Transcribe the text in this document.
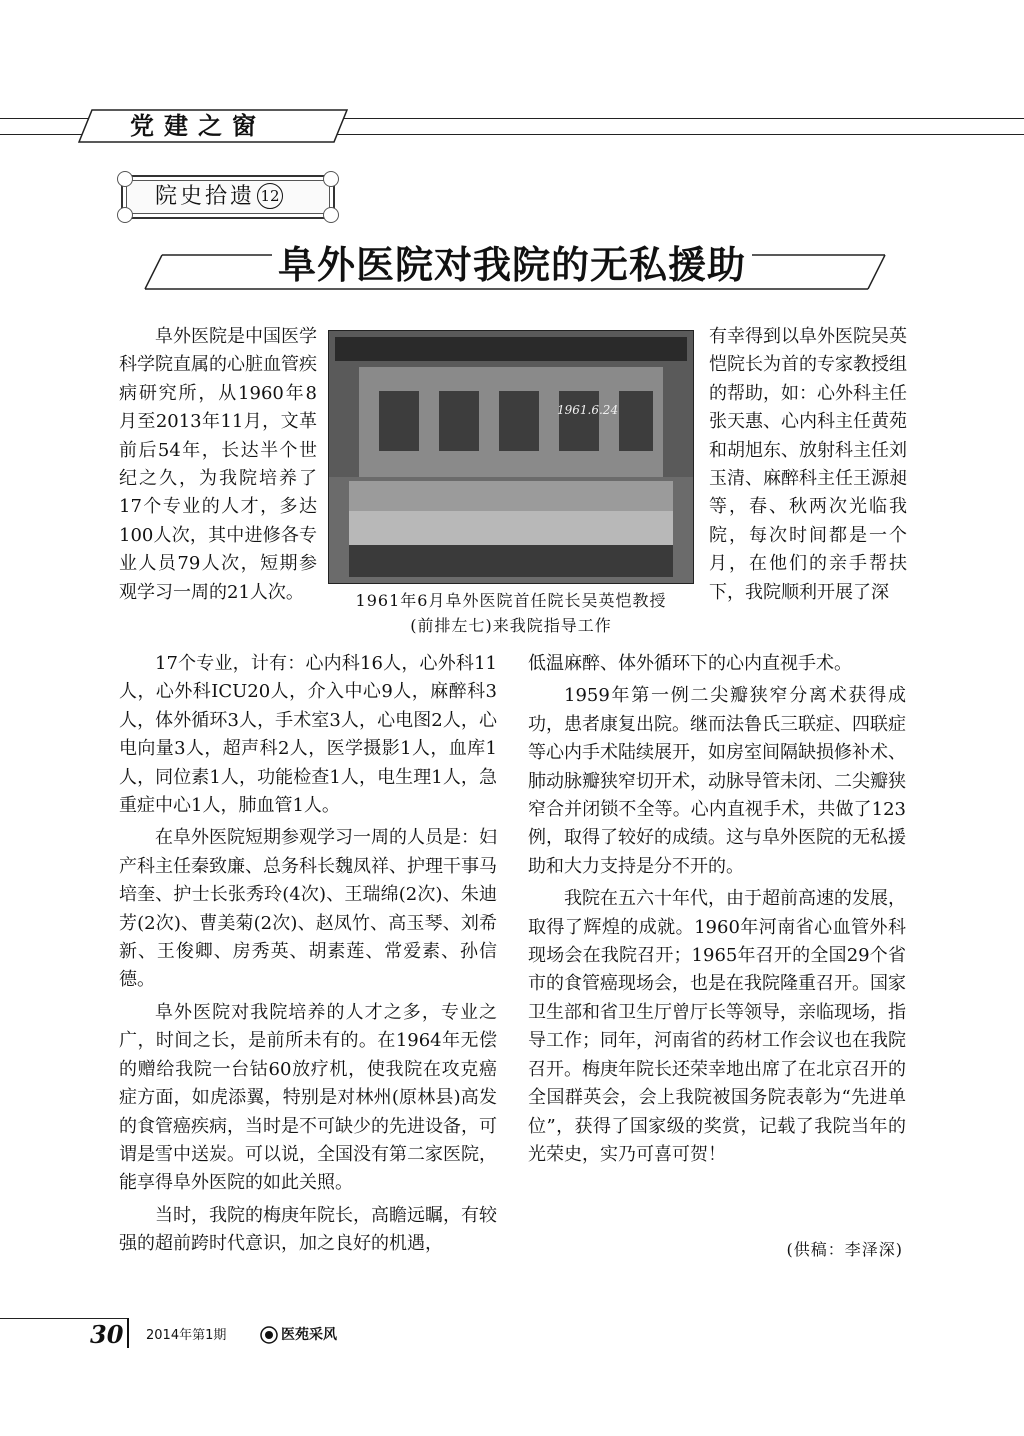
党建之窗
院史拾遗 12
阜外医院对我院的无私援助
1961.6.24
1961年6月阜外医院首任院长吴英恺教授
(前排左七)来我院指导工作

阜外医院是中国医学科学院直属的心脏血管疾病研究所，从1960年8月至2013年11月，文革前后54年，长达半个世纪之久，为我院培养了17个专业的人才，多达100人次，其中进修各专业人员79人次，短期参观学习一周的21人次。

有幸得到以阜外医院吴英恺院长为首的专家教授组的帮助，如：心外科主任张天惠、心内科主任黄苑和胡旭东、放射科主任刘玉清、麻醉科主任王源昶等，春、秋两次光临我院，每次时间都是一个月，在他们的亲手帮扶下，我院顺利开展了深

17个专业，计有：心内科16人，心外科11人，心外科ICU20人，介入中心9人，麻醉科3人，体外循环3人，手术室3人，心电图2人，心电向量3人，超声科2人，医学摄影1人，血库1人，同位素1人，功能检查1人，电生理1人，急重症中心1人，肺血管1人。

在阜外医院短期参观学习一周的人员是：妇产科主任秦致廉、总务科长魏凤祥、护理干事马培奎、护士长张秀玲(4次)、王瑞绵(2次)、朱迪芳(2次)、曹美菊(2次)、赵凤竹、高玉琴、刘希新、王俊卿、房秀英、胡素莲、常爱素、孙信德。

阜外医院对我院培养的人才之多，专业之广，时间之长，是前所未有的。在1964年无偿的赠给我院一台钴60放疗机，使我院在攻克癌症方面，如虎添翼，特别是对林州(原林县)高发的食管癌疾病，当时是不可缺少的先进设备，可谓是雪中送炭。可以说，全国没有第二家医院，能享得阜外医院的如此关照。

当时，我院的梅庚年院长，高瞻远瞩，有较强的超前跨时代意识，加之良好的机遇，

低温麻醉、体外循环下的心内直视手术。

1959年第一例二尖瓣狭窄分离术获得成功，患者康复出院。继而法鲁氏三联症、四联症等心内手术陆续展开，如房室间隔缺损修补术、肺动脉瓣狭窄切开术，动脉导管未闭、二尖瓣狭窄合并闭锁不全等。心内直视手术，共做了123例，取得了较好的成绩。这与阜外医院的无私援助和大力支持是分不开的。

我院在五六十年代，由于超前高速的发展，取得了辉煌的成就。1960年河南省心血管外科现场会在我院召开；1965年召开的全国29个省市的食管癌现场会，也是在我院隆重召开。国家卫生部和省卫生厅曾厅长等领导，亲临现场，指导工作；同年，河南省的药材工作会议也在我院召开。梅庚年院长还荣幸地出席了在北京召开的全国群英会，会上我院被国务院表彰为“先进单位”，获得了国家级的奖赏，记载了我院当年的光荣史，实乃可喜可贺！

(供稿：李泽深)
30 2014年第1期	医苑采风
